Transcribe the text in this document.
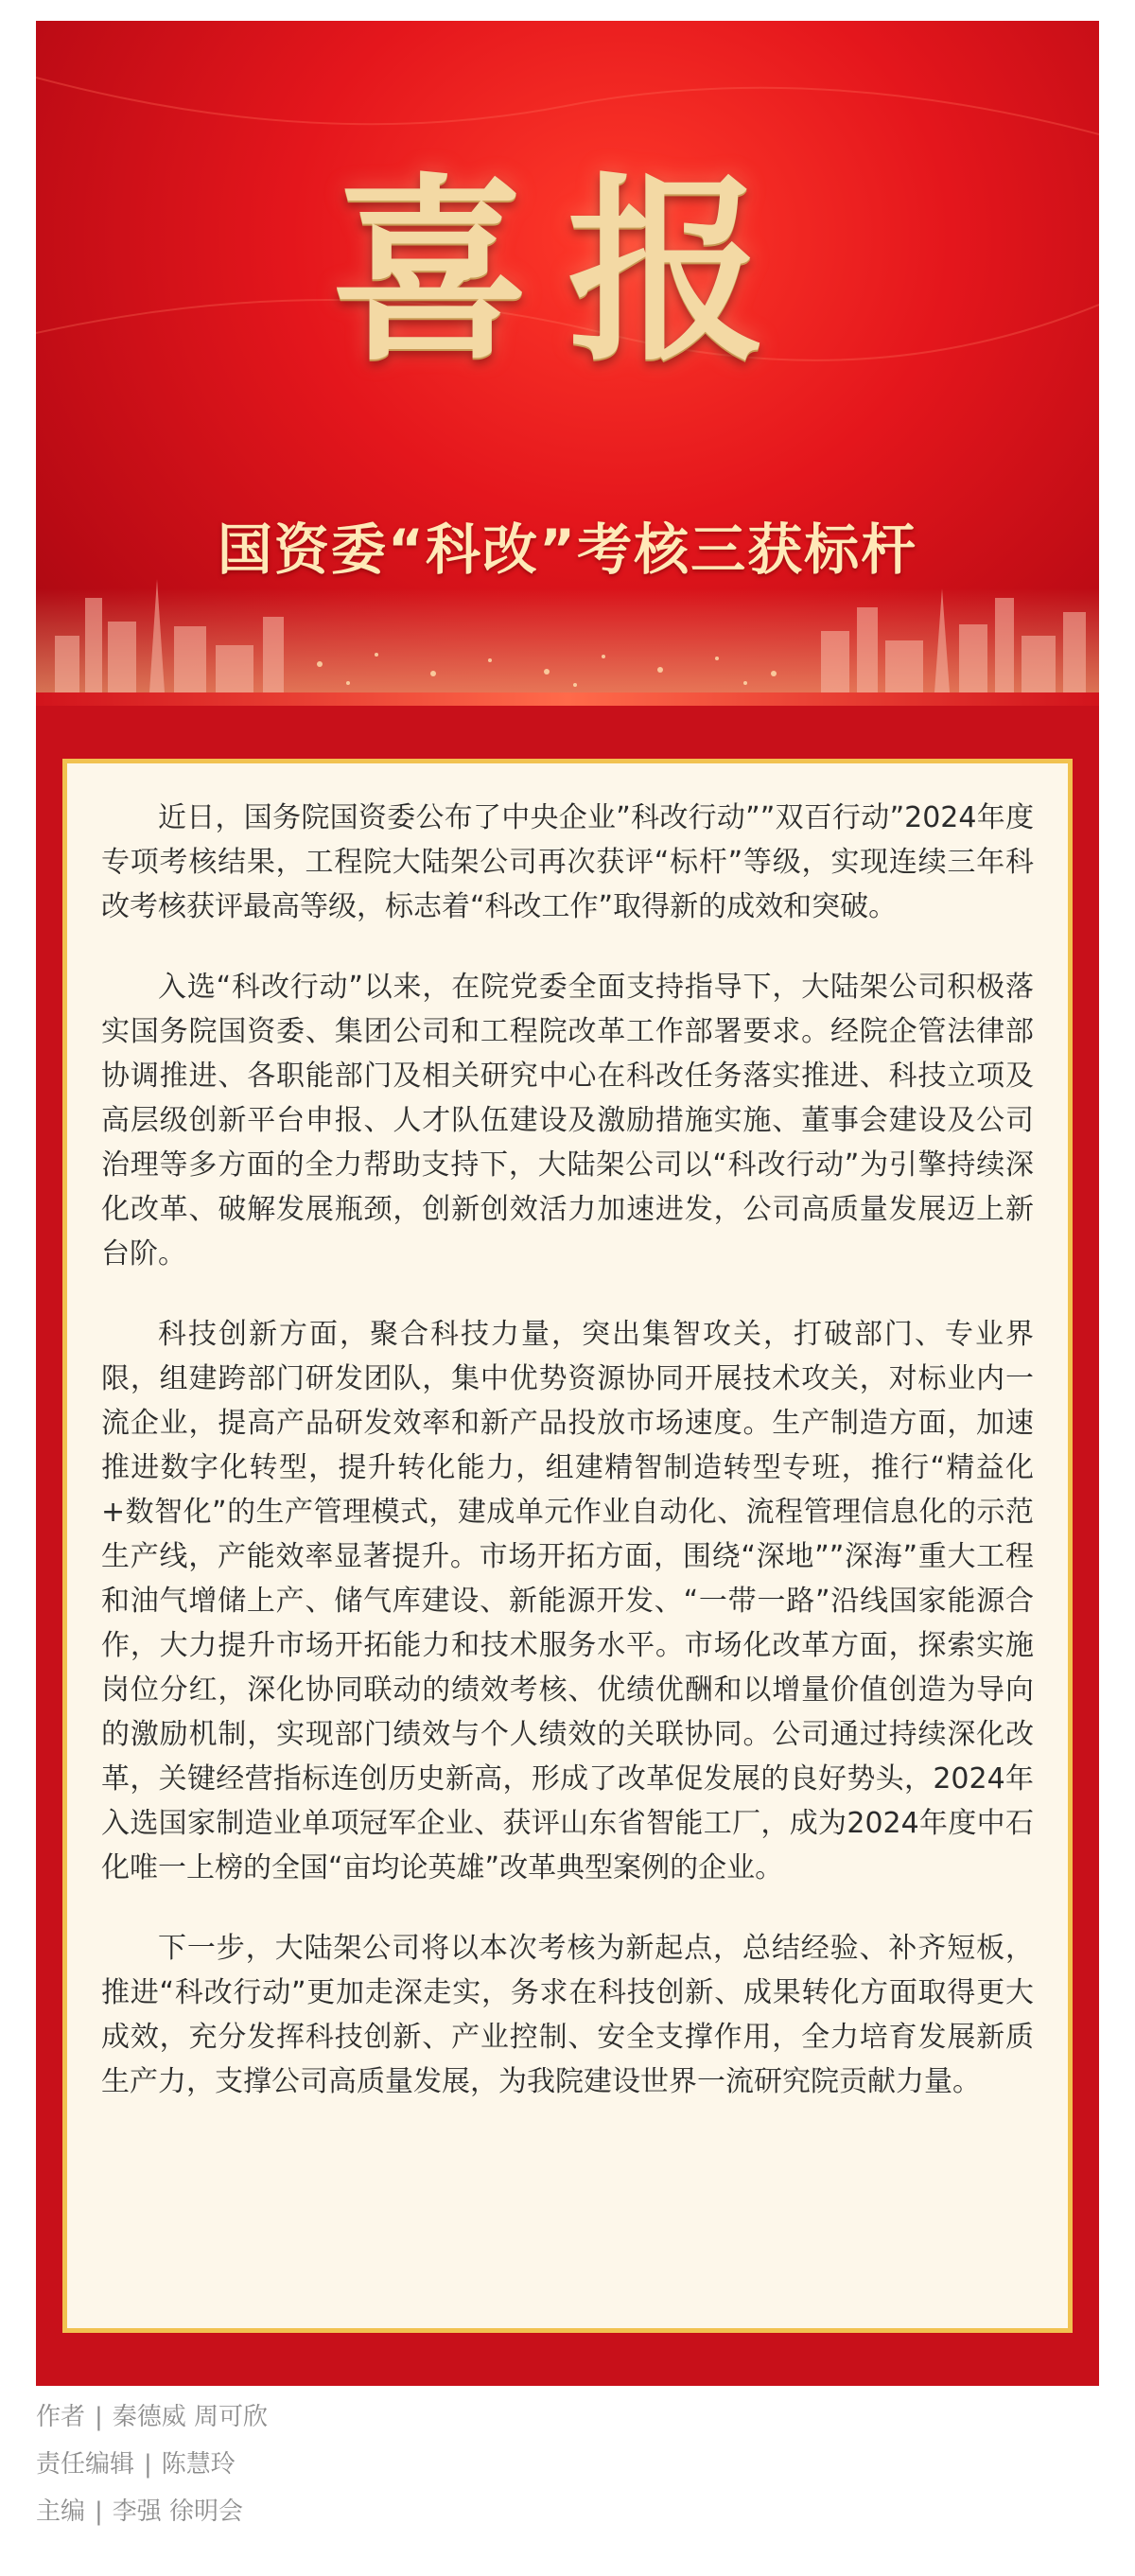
喜报
国资委“科改”考核三获标杆

近日，国务院国资委公布了中央企业”科改行动””双百行动”2024年度专项考核结果，工程院大陆架公司再次获评“标杆”等级，实现连续三年科改考核获评最高等级，标志着“科改工作”取得新的成效和突破。

入选“科改行动”以来，在院党委全面支持指导下，大陆架公司积极落实国务院国资委、集团公司和工程院改革工作部署要求。经院企管法律部协调推进、各职能部门及相关研究中心在科改任务落实推进、科技立项及高层级创新平台申报、人才队伍建设及激励措施实施、董事会建设及公司治理等多方面的全力帮助支持下，大陆架公司以“科改行动”为引擎持续深化改革、破解发展瓶颈，创新创效活力加速进发，公司高质量发展迈上新台阶。

科技创新方面，聚合科技力量，突出集智攻关，打破部门、专业界限，组建跨部门研发团队，集中优势资源协同开展技术攻关，对标业内一流企业，提高产品研发效率和新产品投放市场速度。生产制造方面，加速推进数字化转型，提升转化能力，组建精智制造转型专班，推行“精益化+数智化”的生产管理模式，建成单元作业自动化、流程管理信息化的示范生产线，产能效率显著提升。市场开拓方面，围绕“深地””深海”重大工程和油气增储上产、储气库建设、新能源开发、“一带一路”沿线国家能源合作，大力提升市场开拓能力和技术服务水平。市场化改革方面，探索实施岗位分红，深化协同联动的绩效考核、优绩优酬和以增量价值创造为导向的激励机制，实现部门绩效与个人绩效的关联协同。公司通过持续深化改革，关键经营指标连创历史新高，形成了改革促发展的良好势头，2024年入选国家制造业单项冠军企业、获评山东省智能工厂，成为2024年度中石化唯一上榜的全国“亩均论英雄”改革典型案例的企业。

下一步，大陆架公司将以本次考核为新起点，总结经验、补齐短板，推进“科改行动”更加走深走实，务求在科技创新、成果转化方面取得更大成效，充分发挥科技创新、产业控制、安全支撑作用，全力培育发展新质生产力，支撑公司高质量发展，为我院建设世界一流研究院贡献力量。

作者 | 秦德威 周可欣
责任编辑 | 陈慧玲
主编 | 李强 徐明会
